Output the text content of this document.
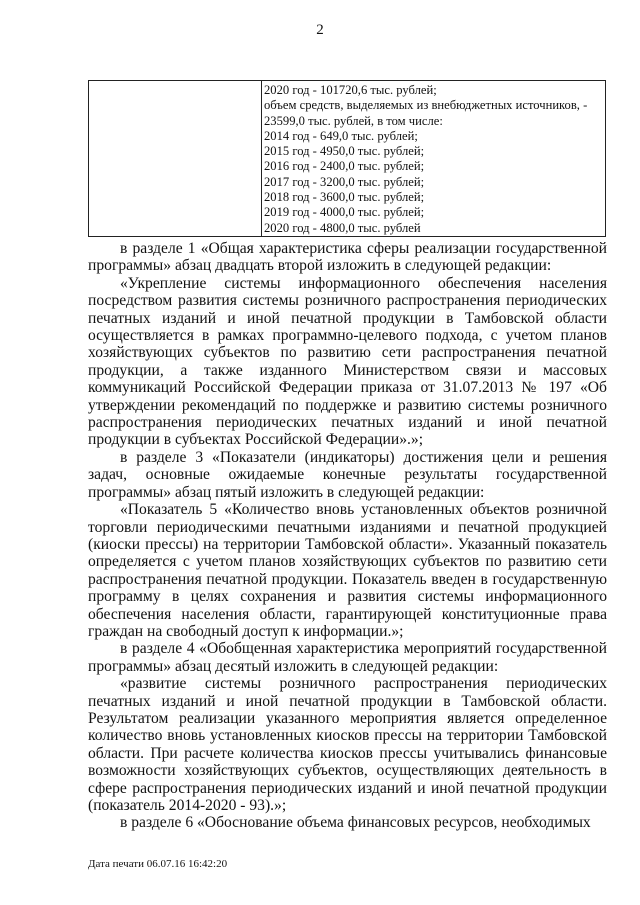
2
2020 год - 101720,6 тыс. рублей;
объем средств, выделяемых из внебюджетных источников, -
23599,0 тыс. рублей, в том числе:
2014 год - 649,0 тыс. рублей;
2015 год - 4950,0 тыс. рублей;
2016 год - 2400,0 тыс. рублей;
2017 год - 3200,0 тыс. рублей;
2018 год - 3600,0 тыс. рублей;
2019 год - 4000,0 тыс. рублей;
2020 год - 4800,0 тыс. рублей

в разделе 1 «Общая характеристика сферы реализации государственной программы» абзац двадцать второй изложить в следующей редакции:

«Укрепление системы информационного обеспечения населения посредством развития системы розничного распространения периодических печатных изданий и иной печатной продукции в Тамбовской области осуществляется в рамках программно-целевого подхода, с учетом планов хозяйствующих субъектов по развитию сети распространения печатной продукции, а также изданного Министерством связи и массовых коммуникаций Российской Федерации приказа от 31.07.2013 № 197 «Об утверждении рекомендаций по поддержке и развитию системы розничного распространения периодических печатных изданий и иной печатной продукции в субъектах Российской Федерации».»;

в разделе 3 «Показатели (индикаторы) достижения цели и решения задач, основные ожидаемые конечные результаты государственной программы» абзац пятый изложить в следующей редакции:

«Показатель 5 «Количество вновь установленных объектов розничной торговли периодическими печатными изданиями и печатной продукцией (киоски прессы) на территории Тамбовской области». Указанный показатель определяется с учетом планов хозяйствующих субъектов по развитию сети распространения печатной продукции. Показатель введен в государственную программу в целях сохранения и развития системы информационного обеспечения населения области, гарантирующей конституционные права граждан на свободный доступ к информации.»;

в разделе 4 «Обобщенная характеристика мероприятий государственной программы» абзац десятый изложить в следующей редакции:

«развитие системы розничного распространения периодических печатных изданий и иной печатной продукции в Тамбовской области. Результатом реализации указанного мероприятия является определенное количество вновь установленных киосков прессы на территории Тамбовской области. При расчете количества киосков прессы учитывались финансовые возможности хозяйствующих субъектов, осуществляющих деятельность в сфере распространения периодических изданий и иной печатной продукции (показатель 2014-2020 - 93).»;

в разделе 6 «Обоснование объема финансовых ресурсов, необходимых

Дата печати 06.07.16 16:42:20
